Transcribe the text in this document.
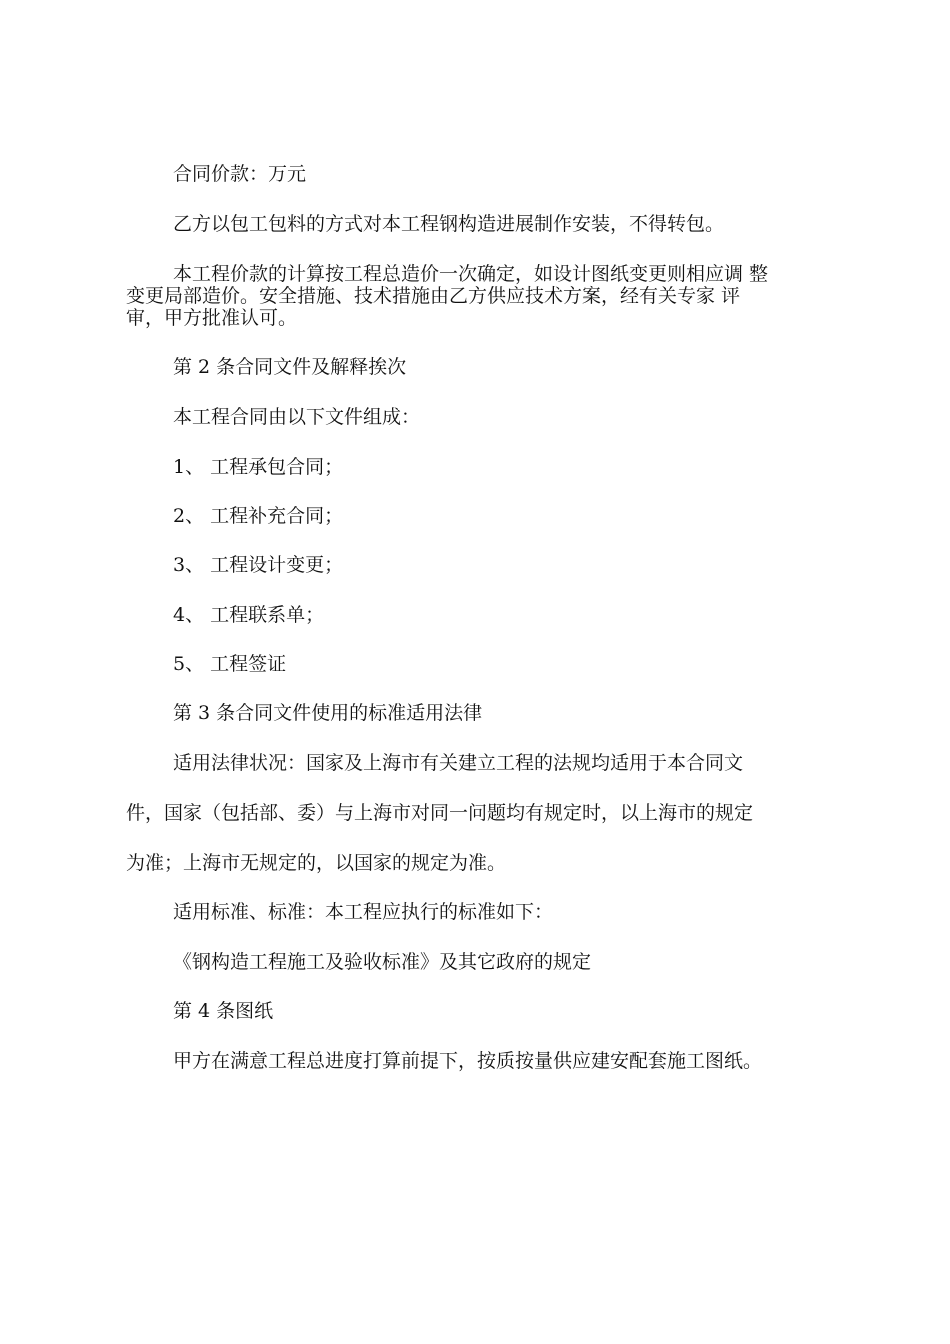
合同价款：万元

乙方以包工包料的方式对本工程钢构造进展制作安装，不得转包。

本工程价款的计算按工程总造价一次确定，如设计图纸变更则相应调 整
变更局部造价。安全措施、技术措施由乙方供应技术方案，经有关专家 评
审，甲方批准认可。

第 2 条合同文件及解释挨次

本工程合同由以下文件组成：

1、 工程承包合同；

2、 工程补充合同；

3、 工程设计变更；

4、 工程联系单；

5、 工程签证

第 3 条合同文件使用的标准适用法律

适用法律状况：国家及上海市有关建立工程的法规均适用于本合同文

件，国家（包括部、委）与上海市对同一问题均有规定时，以上海市的规定

为准；上海市无规定的，以国家的规定为准。

适用标准、标准：本工程应执行的标准如下：

《钢构造工程施工及验收标准》及其它政府的规定

第 4 条图纸

甲方在满意工程总进度打算前提下，按质按量供应建安配套施工图纸。
